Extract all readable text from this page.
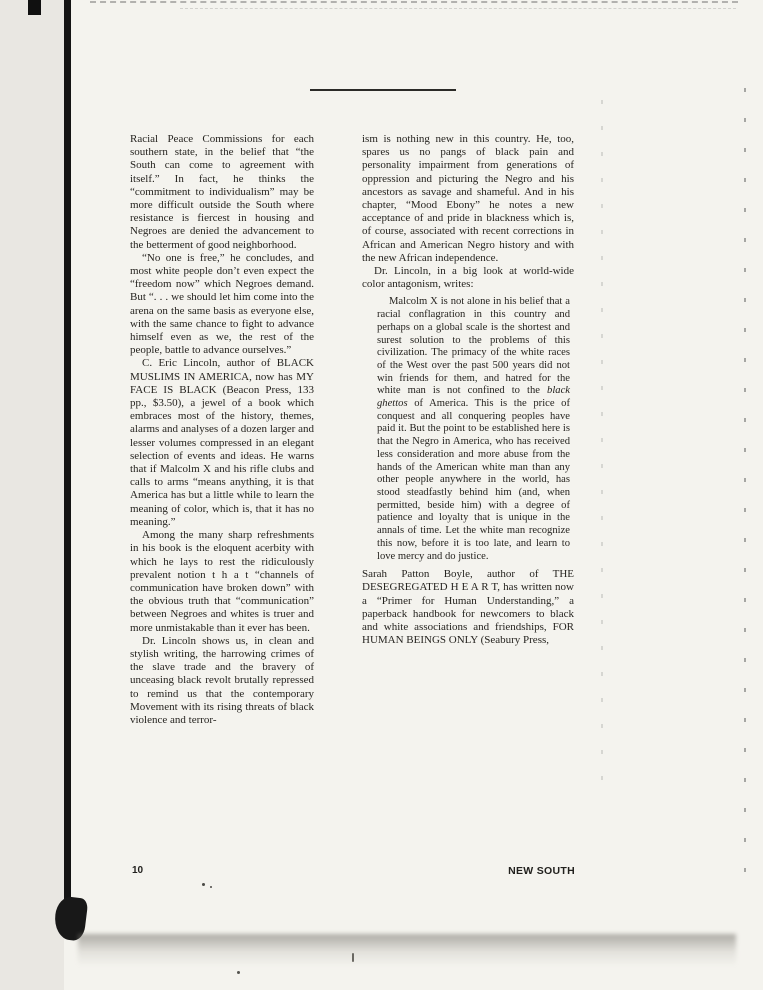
Racial Peace Commissions for each southern state, in the belief that “the South can come to agreement with itself.” In fact, he thinks the “commitment to individualism” may be more difficult outside the South where resistance is fiercest in housing and Negroes are denied the advancement to the betterment of good neighborhood.

“No one is free,” he concludes, and most white people don’t even expect the “freedom now” which Negroes demand. But “. . . we should let him come into the arena on the same basis as everyone else, with the same chance to fight to advance himself even as we, the rest of the people, battle to advance ourselves.”

C. Eric Lincoln, author of BLACK MUSLIMS IN AMERICA, now has MY FACE IS BLACK (Beacon Press, 133 pp., $3.50), a jewel of a book which embraces most of the history, themes, alarms and analyses of a dozen larger and lesser volumes compressed in an elegant selection of events and ideas. He warns that if Malcolm X and his rifle clubs and calls to arms “means anything, it is that America has but a little while to learn the meaning of color, which is, that it has no meaning.”

Among the many sharp refreshments in his book is the eloquent acerbity with which he lays to rest the ridiculously prevalent notion t h a t “channels of communication have broken down” with the obvious truth that “communication” between Negroes and whites is truer and more unmistakable than it ever has been.

Dr. Lincoln shows us, in clean and stylish writing, the harrowing crimes of the slave trade and the bravery of unceasing black revolt brutally repressed to remind us that the contemporary Movement with its rising threats of black violence and terror-

ism is nothing new in this country. He, too, spares us no pangs of black pain and personality impairment from generations of oppression and picturing the Negro and his ancestors as savage and shameful. And in his chapter, “Mood Ebony” he notes a new acceptance of and pride in blackness which is, of course, associated with recent corrections in African and American Negro history and with the new African independence.

Dr. Lincoln, in a big look at world-wide color antagonism, writes:

Malcolm X is not alone in his belief that a racial conflagration in this country and perhaps on a global scale is the shortest and surest solution to the problems of this civilization. The primacy of the white races of the West over the past 500 years did not win friends for them, and hatred for the white man is not confined to the black ghettos of America. This is the price of conquest and all conquering peoples have paid it. But the point to be established here is that the Negro in America, who has received less consideration and more abuse from the hands of the American white man than any other people anywhere in the world, has stood steadfastly behind him (and, when permitted, beside him) with a degree of patience and loyalty that is unique in the annals of time. Let the white man recognize this now, before it is too late, and learn to love mercy and do justice.

Sarah Patton Boyle, author of THE DESEGREGATED H E A R T, has written now a “Primer for Human Understanding,” a paperback handbook for newcomers to black and white associations and friendships, FOR HUMAN BEINGS ONLY (Seabury Press,

10	NEW SOUTH
